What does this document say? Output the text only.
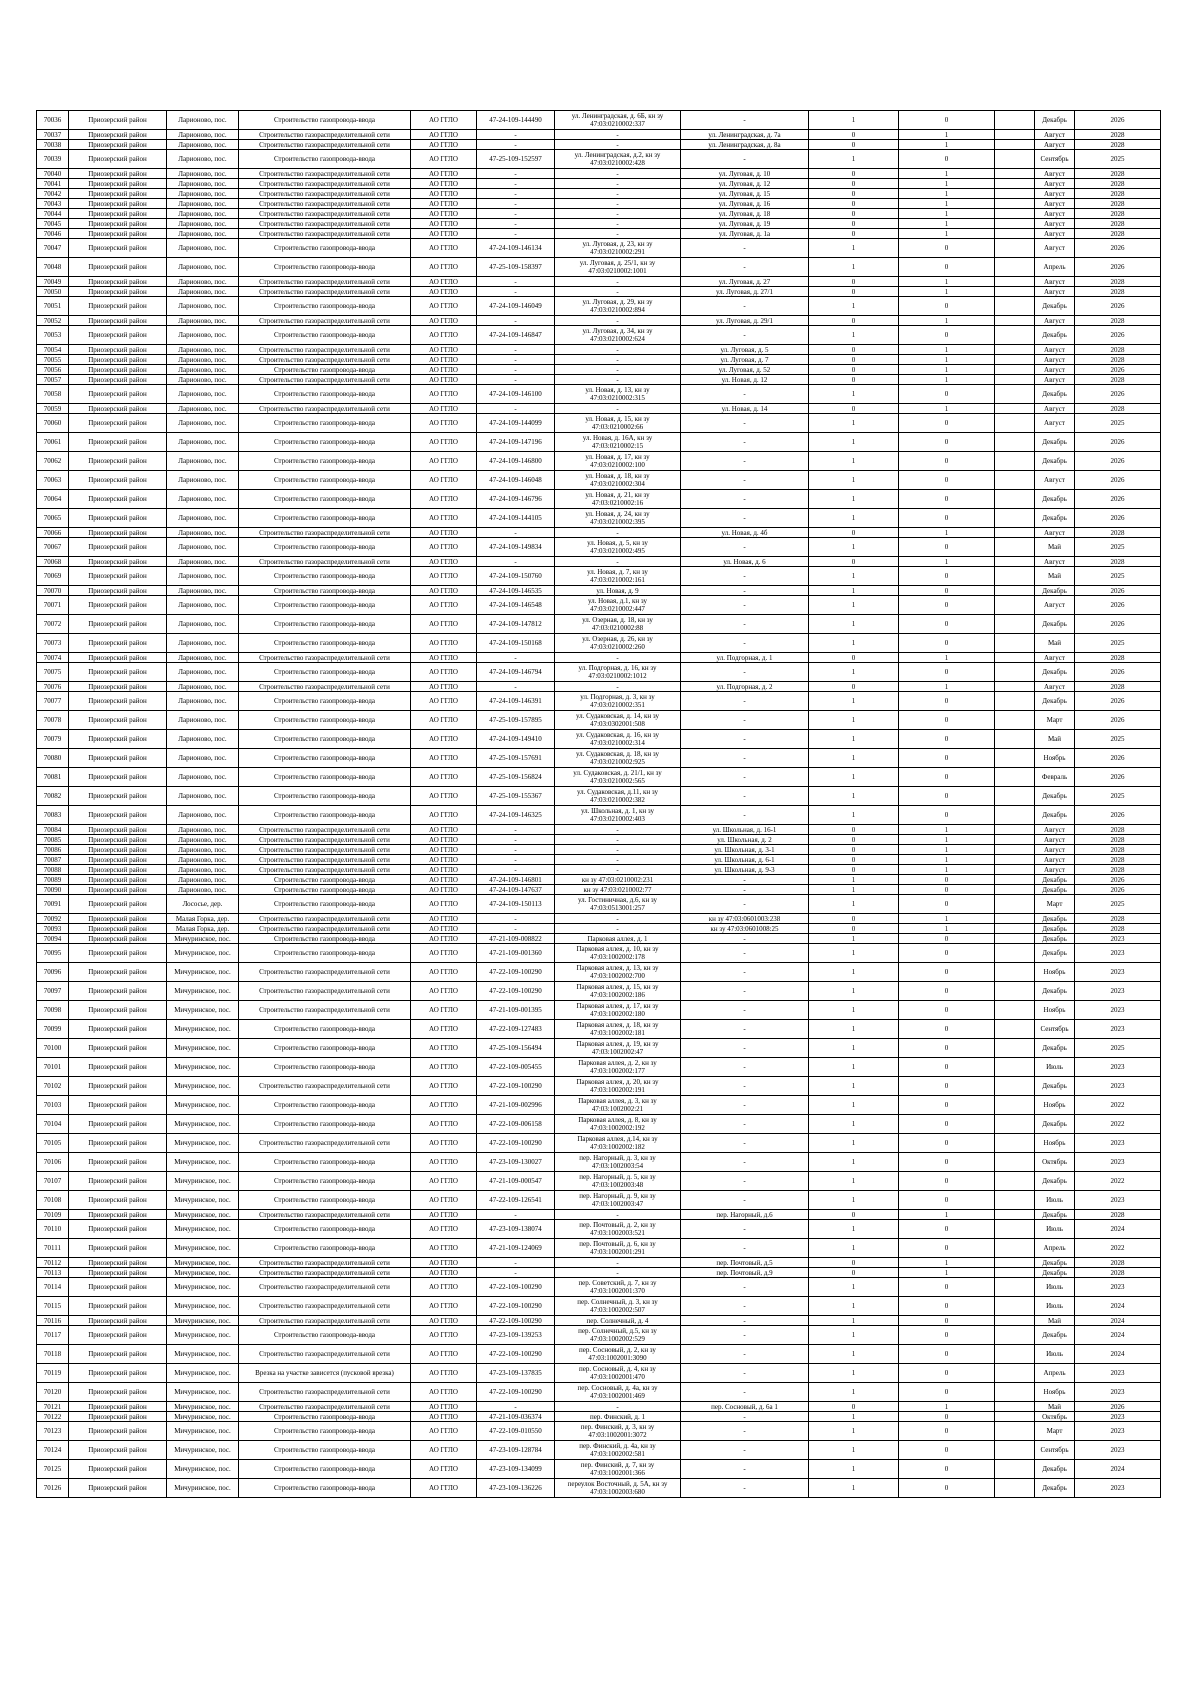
70036	Приозерский район	Ларионово, пос.	Строительство газопровода-ввода	АО ГГЛО	47-24-109-144490	ул. Ленинградская, д. 6Б, кн зу
47:03:0210002:337	-	1	0		Декабрь	2026
70037	Приозерский район	Ларионово, пос.	Строительство газораспределительной сети	АО ГГЛО	-	-	ул. Ленинградская, д. 7а	0	1		Август	2028
70038	Приозерский район	Ларионово, пос.	Строительство газораспределительной сети	АО ГГЛО	-	-	ул. Ленинградская, д. 8а	0	1		Август	2028
70039	Приозерский район	Ларионово, пос.	Строительство газопровода-ввода	АО ГГЛО	47-25-109-152597	ул. Ленинградская, д.2, кн зу
47:03:0210002:428	-	1	0		Сентябрь	2025
70040	Приозерский район	Ларионово, пос.	Строительство газораспределительной сети	АО ГГЛО	-	-	ул. Луговая, д. 10	0	1		Август	2028
70041	Приозерский район	Ларионово, пос.	Строительство газораспределительной сети	АО ГГЛО	-	-	ул. Луговая, д. 12	0	1		Август	2028
70042	Приозерский район	Ларионово, пос.	Строительство газораспределительной сети	АО ГГЛО	-	-	ул. Луговая, д. 15	0	1		Август	2028
70043	Приозерский район	Ларионово, пос.	Строительство газораспределительной сети	АО ГГЛО	-	-	ул. Луговая, д. 16	0	1		Август	2028
70044	Приозерский район	Ларионово, пос.	Строительство газораспределительной сети	АО ГГЛО	-	-	ул. Луговая, д. 18	0	1		Август	2028
70045	Приозерский район	Ларионово, пос.	Строительство газораспределительной сети	АО ГГЛО	-	-	ул. Луговая, д. 19	0	1		Август	2028
70046	Приозерский район	Ларионово, пос.	Строительство газораспределительной сети	АО ГГЛО	-	-	ул. Луговая, д. 1а	0	1		Август	2028
70047	Приозерский район	Ларионово, пос.	Строительство газопровода-ввода	АО ГГЛО	47-24-109-146134	ул. Луговая, д. 23, кн зу
47:03:0210002:291	-	1	0		Август	2026
70048	Приозерский район	Ларионово, пос.	Строительство газопровода-ввода	АО ГГЛО	47-25-109-158397	ул. Луговая, д. 25/1, кн зу
47:03:0210002:1001	-	1	0		Апрель	2026
70049	Приозерский район	Ларионово, пос.	Строительство газораспределительной сети	АО ГГЛО	-	-	ул. Луговая, д. 27	0	1		Август	2028
70050	Приозерский район	Ларионово, пос.	Строительство газораспределительной сети	АО ГГЛО	-	-	ул. Луговая, д. 27/1	0	1		Август	2028
70051	Приозерский район	Ларионово, пос.	Строительство газопровода-ввода	АО ГГЛО	47-24-109-146049	ул. Луговая, д. 29, кн зу
47:03:0210002:894	-	1	0		Декабрь	2026
70052	Приозерский район	Ларионово, пос.	Строительство газораспределительной сети	АО ГГЛО	-	-	ул. Луговая, д. 29/1	0	1		Август	2028
70053	Приозерский район	Ларионово, пос.	Строительство газопровода-ввода	АО ГГЛО	47-24-109-146847	ул. Луговая, д. 34, кн зу
47:03:0210002:624	-	1	0		Декабрь	2026
70054	Приозерский район	Ларионово, пос.	Строительство газораспределительной сети	АО ГГЛО	-	-	ул. Луговая, д. 5	0	1		Август	2028
70055	Приозерский район	Ларионово, пос.	Строительство газораспределительной сети	АО ГГЛО	-	-	ул. Луговая, д. 7	0	1		Август	2028
70056	Приозерский район	Ларионово, пос.	Строительство газопровода-ввода	АО ГГЛО	-	-	ул. Луговая, д. 52	0	1		Август	2026
70057	Приозерский район	Ларионово, пос.	Строительство газораспределительной сети	АО ГГЛО	-	-	ул. Новая, д. 12	0	1		Август	2028
70058	Приозерский район	Ларионово, пос.	Строительство газопровода-ввода	АО ГГЛО	47-24-109-146100	ул. Новая, д. 13, кн зу
47:03:0210002:315	-	1	0		Декабрь	2026
70059	Приозерский район	Ларионово, пос.	Строительство газораспределительной сети	АО ГГЛО	-	-	ул. Новая, д. 14	0	1		Август	2028
70060	Приозерский район	Ларионово, пос.	Строительство газопровода-ввода	АО ГГЛО	47-24-109-144099	ул. Новая, д. 15, кн зу
47:03:0210002:66	-	1	0		Август	2025
70061	Приозерский район	Ларионово, пос.	Строительство газопровода-ввода	АО ГГЛО	47-24-109-147196	ул. Новая, д. 16А, кн зу
47:03:0210002:15	-	1	0		Декабрь	2026
70062	Приозерский район	Ларионово, пос.	Строительство газопровода-ввода	АО ГГЛО	47-24-109-146800	ул. Новая, д. 17, кн зу
47:03:0210002:100	-	1	0		Декабрь	2026
70063	Приозерский район	Ларионово, пос.	Строительство газопровода-ввода	АО ГГЛО	47-24-109-146048	ул. Новая, д. 18, кн зу
47:03:0210002:304	-	1	0		Август	2026
70064	Приозерский район	Ларионово, пос.	Строительство газопровода-ввода	АО ГГЛО	47-24-109-146796	ул. Новая, д. 21, кн зу
47:03:0210002:16	-	1	0		Декабрь	2026
70065	Приозерский район	Ларионово, пос.	Строительство газопровода-ввода	АО ГГЛО	47-24-109-144105	ул. Новая, д. 24, кн зу
47:03:0210002:395	-	1	0		Декабрь	2026
70066	Приозерский район	Ларионово, пос.	Строительство газораспределительной сети	АО ГГЛО	-	-	ул. Новая, д. 4б	0	1		Август	2028
70067	Приозерский район	Ларионово, пос.	Строительство газопровода-ввода	АО ГГЛО	47-24-109-149834	ул. Новая, д. 5, кн зу
47:03:0210002:495	-	1	0		Май	2025
70068	Приозерский район	Ларионово, пос.	Строительство газораспределительной сети	АО ГГЛО	-	-	ул. Новая, д. 6	0	1		Август	2028
70069	Приозерский район	Ларионово, пос.	Строительство газопровода-ввода	АО ГГЛО	47-24-109-150760	ул. Новая, д. 7, кн зу
47:03:0210002:161	-	1	0		Май	2025
70070	Приозерский район	Ларионово, пос.	Строительство газопровода-ввода	АО ГГЛО	47-24-109-146535	ул. Новая, д. 9	-	1	0		Декабрь	2026
70071	Приозерский район	Ларионово, пос.	Строительство газопровода-ввода	АО ГГЛО	47-24-109-146548	ул. Новая, д.1, кн зу
47:03:0210002:447	-	1	0		Август	2026
70072	Приозерский район	Ларионово, пос.	Строительство газопровода-ввода	АО ГГЛО	47-24-109-147812	ул. Озерная, д. 18, кн зу
47:03:0210002:88	-	1	0		Декабрь	2026
70073	Приозерский район	Ларионово, пос.	Строительство газопровода-ввода	АО ГГЛО	47-24-109-150168	ул. Озерная, д. 26, кн зу
47:03:0210002:260	-	1	0		Май	2025
70074	Приозерский район	Ларионово, пос.	Строительство газораспределительной сети	АО ГГЛО	-	-	ул. Подгорная, д. 1	0	1		Август	2028
70075	Приозерский район	Ларионово, пос.	Строительство газопровода-ввода	АО ГГЛО	47-24-109-146794	ул. Подгорная, д. 16, кн зу
47:03:0210002:1012	-	1	0		Декабрь	2026
70076	Приозерский район	Ларионово, пос.	Строительство газораспределительной сети	АО ГГЛО	-	-	ул. Подгорная, д. 2	0	1		Август	2028
70077	Приозерский район	Ларионово, пос.	Строительство газопровода-ввода	АО ГГЛО	47-24-109-146391	ул. Подгорная, д. 3, кн зу
47:03:0210002:351	-	1	0		Декабрь	2026
70078	Приозерский район	Ларионово, пос.	Строительство газопровода-ввода	АО ГГЛО	47-25-109-157895	ул. Судаковская, д. 14, кн зу
47:03:0302001:508	-	1	0		Март	2026
70079	Приозерский район	Ларионово, пос.	Строительство газопровода-ввода	АО ГГЛО	47-24-109-149410	ул. Судаковская, д. 16, кн зу
47:03:0210002:314	-	1	0		Май	2025
70080	Приозерский район	Ларионово, пос.	Строительство газопровода-ввода	АО ГГЛО	47-25-109-157691	ул. Судаковская, д. 18, кн зу
47:03:0210002:925	-	1	0		Ноябрь	2026
70081	Приозерский район	Ларионово, пос.	Строительство газопровода-ввода	АО ГГЛО	47-25-109-156824	ул. Судаковская, д. 21/1, кн зу
47:03:0210002:565	-	1	0		Февраль	2026
70082	Приозерский район	Ларионово, пос.	Строительство газопровода-ввода	АО ГГЛО	47-25-109-155367	ул. Судаковская, д.11, кн зу
47:03:0210002:382	-	1	0		Декабрь	2025
70083	Приозерский район	Ларионово, пос.	Строительство газопровода-ввода	АО ГГЛО	47-24-109-146325	ул. Школьная, д. 1, кн зу
47:03:0210002:403	-	1	0		Декабрь	2026
70084	Приозерский район	Ларионово, пос.	Строительство газораспределительной сети	АО ГГЛО	-	-	ул. Школьная, д. 16-1	0	1		Август	2028
70085	Приозерский район	Ларионово, пос.	Строительство газораспределительной сети	АО ГГЛО	-	-	ул. Школьная, д. 2	0	1		Август	2028
70086	Приозерский район	Ларионово, пос.	Строительство газораспределительной сети	АО ГГЛО	-	-	ул. Школьная, д. 3-1	0	1		Август	2028
70087	Приозерский район	Ларионово, пос.	Строительство газораспределительной сети	АО ГГЛО	-	-	ул. Школьная, д. 6-1	0	1		Август	2028
70088	Приозерский район	Ларионово, пос.	Строительство газораспределительной сети	АО ГГЛО	-	-	ул. Школьная, д. 9-3	0	1		Август	2028
70089	Приозерский район	Ларионово, пос.	Строительство газопровода-ввода	АО ГГЛО	47-24-109-146801	кн зу 47:03:0210002:231	-	1	0		Декабрь	2026
70090	Приозерский район	Ларионово, пос.	Строительство газопровода-ввода	АО ГГЛО	47-24-109-147637	кн зу 47:03:0210002:77	-	1	0		Декабрь	2026
70091	Приозерский район	Лососье, дер.	Строительство газопровода-ввода	АО ГГЛО	47-24-109-150113	ул. Гостиничная, д.6, кн зу
47:03:0513001:257	-	1	0		Март	2025
70092	Приозерский район	Малая Горка, дер.	Строительство газораспределительной сети	АО ГГЛО	-	-	кн зу 47:03:0601003:238	0	1		Декабрь	2028
70093	Приозерский район	Малая Горка, дер.	Строительство газораспределительной сети	АО ГГЛО	-	-	кн зу 47:03:0601008:25	0	1		Декабрь	2028
70094	Приозерский район	Мичуринское, пос.	Строительство газопровода-ввода	АО ГГЛО	47-21-109-008822	Парковая аллея, д. 1	-	1	0		Декабрь	2023
70095	Приозерский район	Мичуринское, пос.	Строительство газопровода-ввода	АО ГГЛО	47-21-109-001360	Парковая аллея, д. 10, кн зу
47:03:1002002:178	-	1	0		Декабрь	2023
70096	Приозерский район	Мичуринское, пос.	Строительство газораспределительной сети	АО ГГЛО	47-22-109-100290	Парковая аллея, д. 13, кн зу
47:03:1002002:700	-	1	0		Ноябрь	2023
70097	Приозерский район	Мичуринское, пос.	Строительство газораспределительной сети	АО ГГЛО	47-22-109-100290	Парковая аллея, д. 15, кн зу
47:03:1002002:186	-	1	0		Декабрь	2023
70098	Приозерский район	Мичуринское, пос.	Строительство газораспределительной сети	АО ГГЛО	47-21-109-001395	Парковая аллея, д. 17, кн зу
47:03:1002002:180	-	1	0		Ноябрь	2023
70099	Приозерский район	Мичуринское, пос.	Строительство газопровода-ввода	АО ГГЛО	47-22-109-127483	Парковая аллея, д. 18, кн зу
47:03:1002002:181	-	1	0		Сентябрь	2023
70100	Приозерский район	Мичуринское, пос.	Строительство газопровода-ввода	АО ГГЛО	47-25-109-156494	Парковая аллея, д. 19, кн зу
47:03:1002002:47	-	1	0		Декабрь	2025
70101	Приозерский район	Мичуринское, пос.	Строительство газопровода-ввода	АО ГГЛО	47-22-109-005455	Парковая аллея, д. 2, кн зу
47:03:1002002:177	-	1	0		Июль	2023
70102	Приозерский район	Мичуринское, пос.	Строительство газораспределительной сети	АО ГГЛО	47-22-109-100290	Парковая аллея, д. 20, кн зу
47:03:1002002:191	-	1	0		Декабрь	2023
70103	Приозерский район	Мичуринское, пос.	Строительство газопровода-ввода	АО ГГЛО	47-21-109-002996	Парковая аллея, д. 3, кн зу
47:03:1002002:21	-	1	0		Ноябрь	2022
70104	Приозерский район	Мичуринское, пос.	Строительство газопровода-ввода	АО ГГЛО	47-22-109-006158	Парковая аллея, д. 8, кн зу
47:03:1002002:192	-	1	0		Декабрь	2022
70105	Приозерский район	Мичуринское, пос.	Строительство газораспределительной сети	АО ГГЛО	47-22-109-100290	Парковая аллея, д.14, кн зу
47:03:1002002:182	-	1	0		Ноябрь	2023
70106	Приозерский район	Мичуринское, пос.	Строительство газопровода-ввода	АО ГГЛО	47-23-109-130027	пер. Нагорный, д. 3, кн зу
47:03:1002003:54	-	1	0		Октябрь	2023
70107	Приозерский район	Мичуринское, пос.	Строительство газопровода-ввода	АО ГГЛО	47-21-109-000547	пер. Нагорный, д. 5, кн зу
47:03:1002003:48	-	1	0		Декабрь	2022
70108	Приозерский район	Мичуринское, пос.	Строительство газопровода-ввода	АО ГГЛО	47-22-109-126541	пер. Нагорный, д. 9, кн зу
47:03:1002003:47	-	1	0		Июль	2023
70109	Приозерский район	Мичуринское, пос.	Строительство газораспределительной сети	АО ГГЛО	-	-	пер. Нагорный, д.6	0	1		Декабрь	2028
70110	Приозерский район	Мичуринское, пос.	Строительство газопровода-ввода	АО ГГЛО	47-23-109-138074	пер. Почтовый, д. 2, кн зу
47:03:1002003:521	-	1	0		Июль	2024
70111	Приозерский район	Мичуринское, пос.	Строительство газопровода-ввода	АО ГГЛО	47-21-109-124069	пер. Почтовый, д. 6, кн зу
47:03:1002001:291	-	1	0		Апрель	2022
70112	Приозерский район	Мичуринское, пос.	Строительство газораспределительной сети	АО ГГЛО	-	-	пер. Почтовый, д.5	0	1		Декабрь	2028
70113	Приозерский район	Мичуринское, пос.	Строительство газораспределительной сети	АО ГГЛО	-	-	пер. Почтовый, д.9	0	1		Декабрь	2028
70114	Приозерский район	Мичуринское, пос.	Строительство газораспределительной сети	АО ГГЛО	47-22-109-100290	пер. Советский, д. 7, кн зу
47:03:1002001:370	-	1	0		Июль	2023
70115	Приозерский район	Мичуринское, пос.	Строительство газораспределительной сети	АО ГГЛО	47-22-109-100290	пер. Солнечный, д. 3, кн зу
47:03:1002002:507	-	1	0		Июль	2024
70116	Приозерский район	Мичуринское, пос.	Строительство газораспределительной сети	АО ГГЛО	47-22-109-100290	пер. Солнечный, д. 4	-	1	0		Май	2024
70117	Приозерский район	Мичуринское, пос.	Строительство газопровода-ввода	АО ГГЛО	47-23-109-139253	пер. Солнечный, д.5, кн зу
47:03:1002002:529	-	1	0		Декабрь	2024
70118	Приозерский район	Мичуринское, пос.	Строительство газораспределительной сети	АО ГГЛО	47-22-109-100290	пер. Сосновый, д. 2, кн зу
47:03:1002001:3090	-	1	0		Июль	2024
70119	Приозерский район	Мичуринское, пос.	Врезка на участке зависется (пусковой врезка)	АО ГГЛО	47-23-109-137835	пер. Сосновый, д. 4, кн зу
47:03:1002001:470	-	1	0		Апрель	2023
70120	Приозерский район	Мичуринское, пос.	Строительство газораспределительной сети	АО ГГЛО	47-22-109-100290	пер. Сосновый, д. 4а, кн зу
47:03:1002001:469	-	1	0		Ноябрь	2023
70121	Приозерский район	Мичуринское, пос.	Строительство газораспределительной сети	АО ГГЛО	-	-	пер. Сосновый, д. 6а 1	0	1		Май	2026
70122	Приозерский район	Мичуринское, пос.	Строительство газопровода-ввода	АО ГГЛО	47-21-109-036374	пер. Финский, д. 1	-	1	0		Октябрь	2023
70123	Приозерский район	Мичуринское, пос.	Строительство газопровода-ввода	АО ГГЛО	47-22-109-010550	пер. Финский, д. 3, кн зу
47:03:1002001:3072	-	1	0		Март	2023
70124	Приозерский район	Мичуринское, пос.	Строительство газопровода-ввода	АО ГГЛО	47-23-109-128784	пер. Финский, д. 4а, кн зу
47:03:1002002:581	-	1	0		Сентябрь	2023
70125	Приозерский район	Мичуринское, пос.	Строительство газопровода-ввода	АО ГГЛО	47-23-109-134099	пер. Финский, д. 7, кн зу
47:03:1002001:366	-	1	0		Декабрь	2024
70126	Приозерский район	Мичуринское, пос.	Строительство газопровода-ввода	АО ГГЛО	47-23-109-136226	переулок Восточный, д. 5А, кн зу
47:03:1002003:680	-	1	0		Декабрь	2023
